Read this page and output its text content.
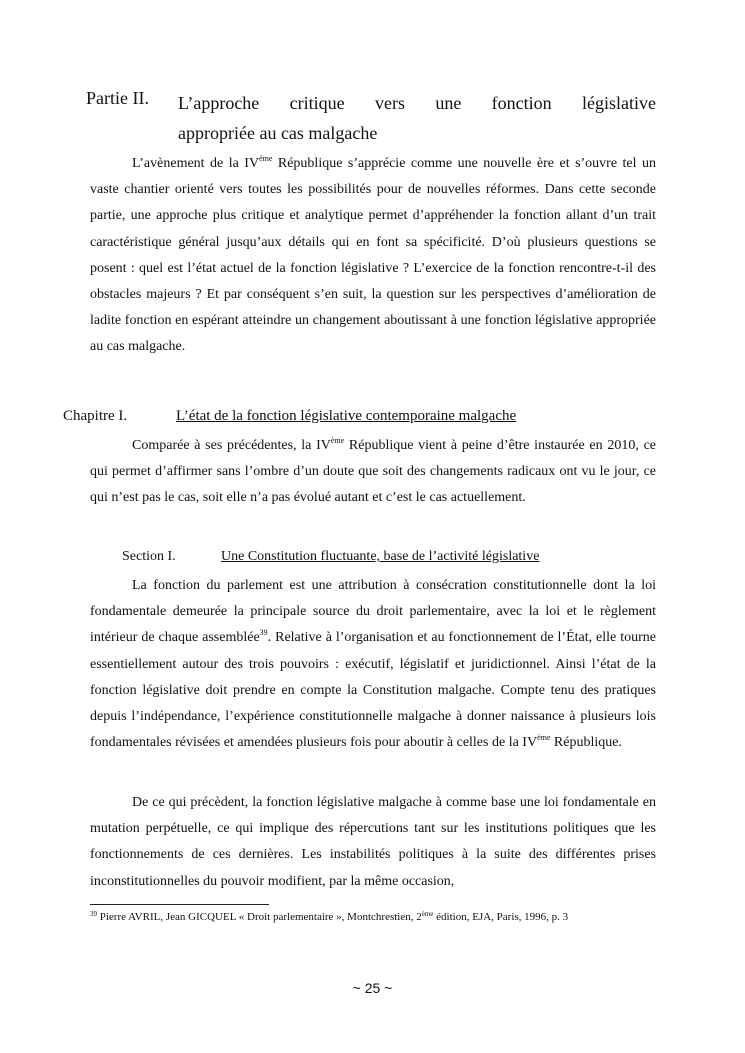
Partie II. L’approche critique vers une fonction législative
appropriée au cas malgache

L’avènement de la IVème République s’apprécie comme une nouvelle ère et s’ouvre tel un vaste chantier orienté vers toutes les possibilités pour de nouvelles réformes. Dans cette seconde partie, une approche plus critique et analytique permet d’appréhender la fonction allant d’un trait caractéristique général jusqu’aux détails qui en font sa spécificité. D’où plusieurs questions se posent : quel est l’état actuel de la fonction législative ? L’exercice de la fonction rencontre-t-il des obstacles majeurs ? Et par conséquent s’en suit, la question sur les perspectives d’amélioration de ladite fonction en espérant atteindre un changement aboutissant à une fonction législative appropriée au cas malgache.

Chapitre I.	L’état de la fonction législative contemporaine malgache

Comparée à ses précédentes, la IVème République vient à peine d’être instaurée en 2010, ce qui permet d’affirmer sans l’ombre d’un doute que soit des changements radicaux ont vu le jour, ce qui n’est pas le cas, soit elle n’a pas évolué autant et c’est le cas actuellement.

Section I.	Une Constitution fluctuante, base de l’activité législative

La fonction du parlement est une attribution à consécration constitutionnelle dont la loi fondamentale demeurée la principale source du droit parlementaire, avec la loi et le règlement intérieur de chaque assemblée$^{39}$. Relative à l’organisation et au fonctionnement de l’État, elle tourne essentiellement autour des trois pouvoirs : exécutif, législatif et juridictionnel. Ainsi l’état de la fonction législative doit prendre en compte la Constitution malgache. Compte tenu des pratiques depuis l’indépendance, l’expérience constitutionnelle malgache à donner naissance à plusieurs lois fondamentales révisées et amendées plusieurs fois pour aboutir à celles de la IVème République.

De ce qui précèdent, la fonction législative malgache à comme base une loi fondamentale en mutation perpétuelle, ce qui implique des répercutions tant sur les institutions politiques que les fonctionnements de ces dernières. Les instabilités politiques à la suite des différentes prises inconstitutionnelles du pouvoir modifient, par la même occasion,

$^{39}$ Pierre AVRIL, Jean GICQUEL « Droit parlementaire », Montchrestien, 2ème édition, EJA, Paris, 1996, p. 3
~ 25 ~
